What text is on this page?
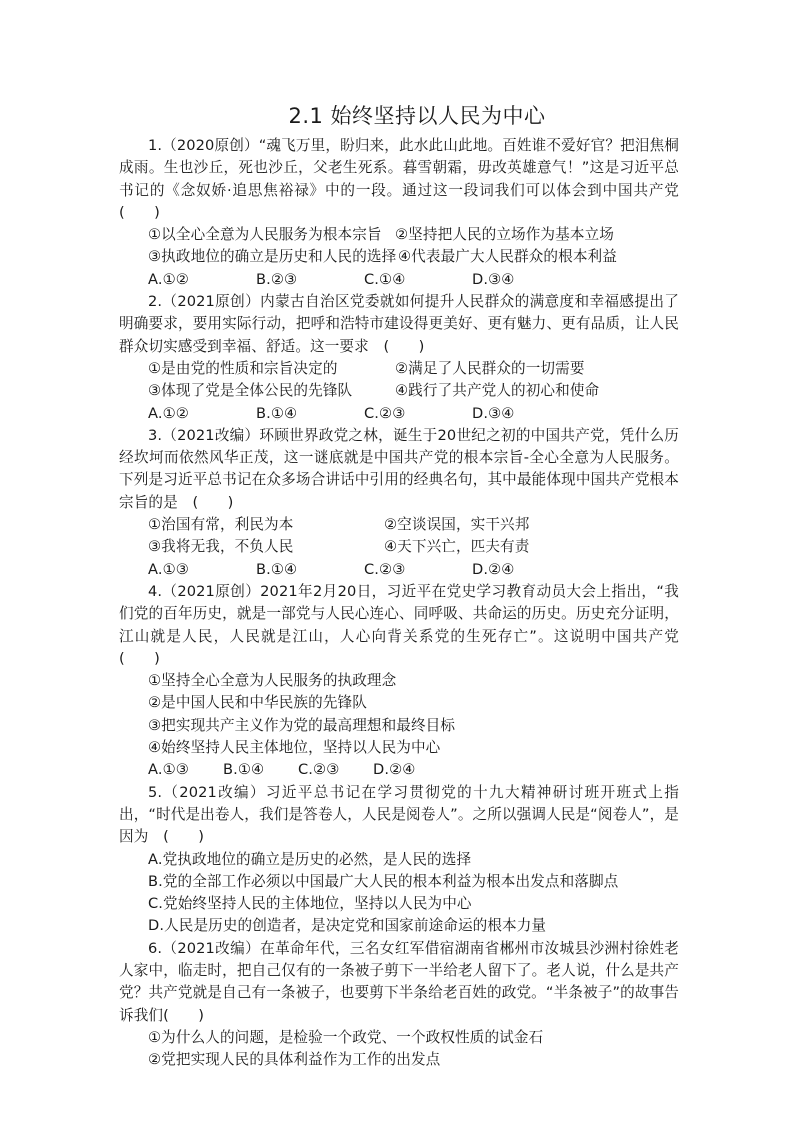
2.1 始终坚持以人民为中心

1.（2020原创）“魂飞万里，盼归来，此水此山此地。百姓谁不爱好官？把泪焦桐成雨。生也沙丘，死也沙丘，父老生死系。暮雪朝霜，毋改英雄意气！”这是习近平总书记的《念奴娇·追思焦裕禄》中的一段。通过这一段词我们可以体会到中国共产党　(　　)

①以全心全意为人民服务为根本宗旨 ②坚持把人民的立场作为基本立场
③执政地位的确立是历史和人民的选择 ④代表最广大人民群众的根本利益
A.①②	B.②③	C.①④	D.③④

2.（2021原创）内蒙古自治区党委就如何提升人民群众的满意度和幸福感提出了明确要求，要用实际行动，把呼和浩特市建设得更美好、更有魅力、更有品质，让人民群众切实感受到幸福、舒适。这一要求　(　　)

①是由党的性质和宗旨决定的	②满足了人民群众的一切需要
③体现了党是全体公民的先锋队	④践行了共产党人的初心和使命
A.①②	B.①④	C.②③	D.③④

3.（2021改编）环顾世界政党之林，诞生于20世纪之初的中国共产党，凭什么历经坎坷而依然风华正茂，这一谜底就是中国共产党的根本宗旨-全心全意为人民服务。下列是习近平总书记在众多场合讲话中引用的经典名句，其中最能体现中国共产党根本宗旨的是　(　　)

①治国有常，利民为本	②空谈误国，实干兴邦
③我将无我，不负人民	④天下兴亡，匹夫有责
A.①③	B.①④	C.②③	D.②④

4.（2021原创）2021年2月20日，习近平在党史学习教育动员大会上指出，“我们党的百年历史，就是一部党与人民心连心、同呼吸、共命运的历史。历史充分证明，江山就是人民，人民就是江山，人心向背关系党的生死存亡”。这说明中国共产党　(　　)

①坚持全心全意为人民服务的执政理念

②是中国人民和中华民族的先锋队

③把实现共产主义作为党的最高理想和最终目标

④始终坚持人民主体地位，坚持以人民为中心

A.①③	B.①④	C.②③	D.②④

5.（2021改编）习近平总书记在学习贯彻党的十九大精神研讨班开班式上指出，“时代是出卷人，我们是答卷人，人民是阅卷人”。之所以强调人民是“阅卷人”，是因为　(　　)

A.党执政地位的确立是历史的必然，是人民的选择

B.党的全部工作必须以中国最广大人民的根本利益为根本出发点和落脚点

C.党始终坚持人民的主体地位，坚持以人民为中心

D.人民是历史的创造者，是决定党和国家前途命运的根本力量

6.（2021改编）在革命年代，三名女红军借宿湖南省郴州市汝城县沙洲村徐姓老人家中，临走时，把自己仅有的一条被子剪下一半给老人留下了。老人说，什么是共产党？共产党就是自己有一条被子，也要剪下半条给老百姓的政党。“半条被子”的故事告诉我们(　　)

①为什么人的问题，是检验一个政党、一个政权性质的试金石

②党把实现人民的具体利益作为工作的出发点
